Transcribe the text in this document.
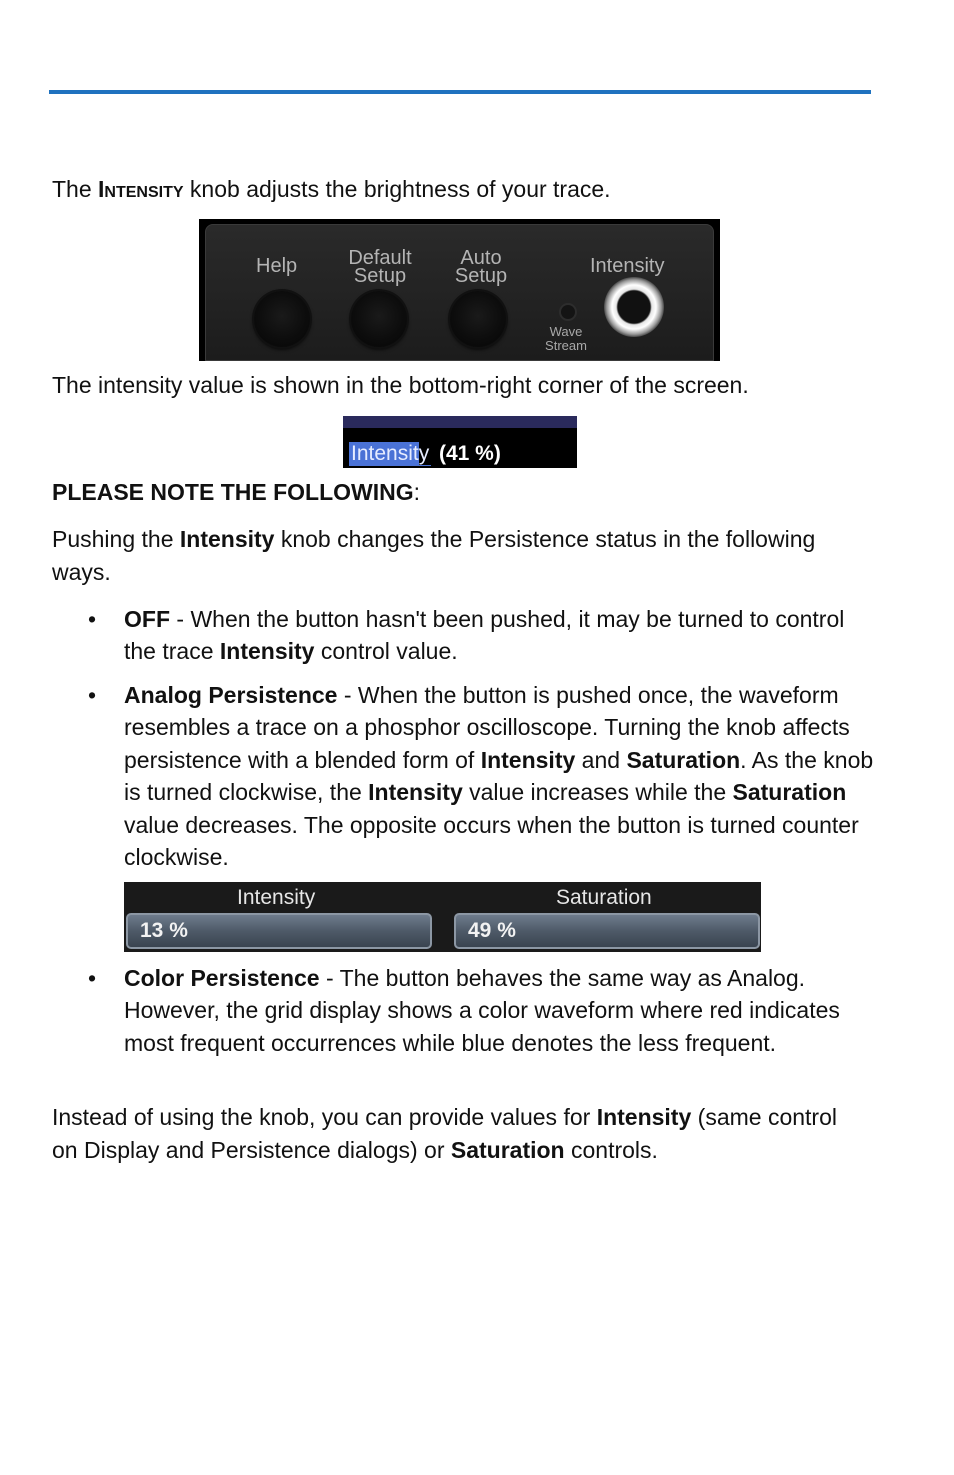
The INTENSITY knob adjusts the brightness of your trace.
Help	Default
Setup
Auto
Setup
Wave
Stream
Intensity
The intensity value is shown in the bottom-right corner of the screen.
Intensity (41 %)
PLEASE NOTE THE FOLLOWING:
Pushing the Intensity knob changes the Persistence status in the following ways.
• OFF - When the button hasn't been pushed, it may be turned to control the trace Intensity control value.
• Analog Persistence - When the button is pushed once, the waveform resembles a trace on a phosphor oscilloscope. Turning the knob affects persistence with a blended form of Intensity and Saturation. As the knob is turned clockwise, the Intensity value increases while the Saturation value decreases. The opposite occurs when the button is turned counter clockwise.
Intensity
13 %
Saturation
49 %
• Color Persistence - The button behaves the same way as Analog. However, the grid display shows a color waveform where red indicates most frequent occurrences while blue denotes the less frequent.
Instead of using the knob, you can provide values for Intensity (same control on Display and Persistence dialogs) or Saturation controls.
